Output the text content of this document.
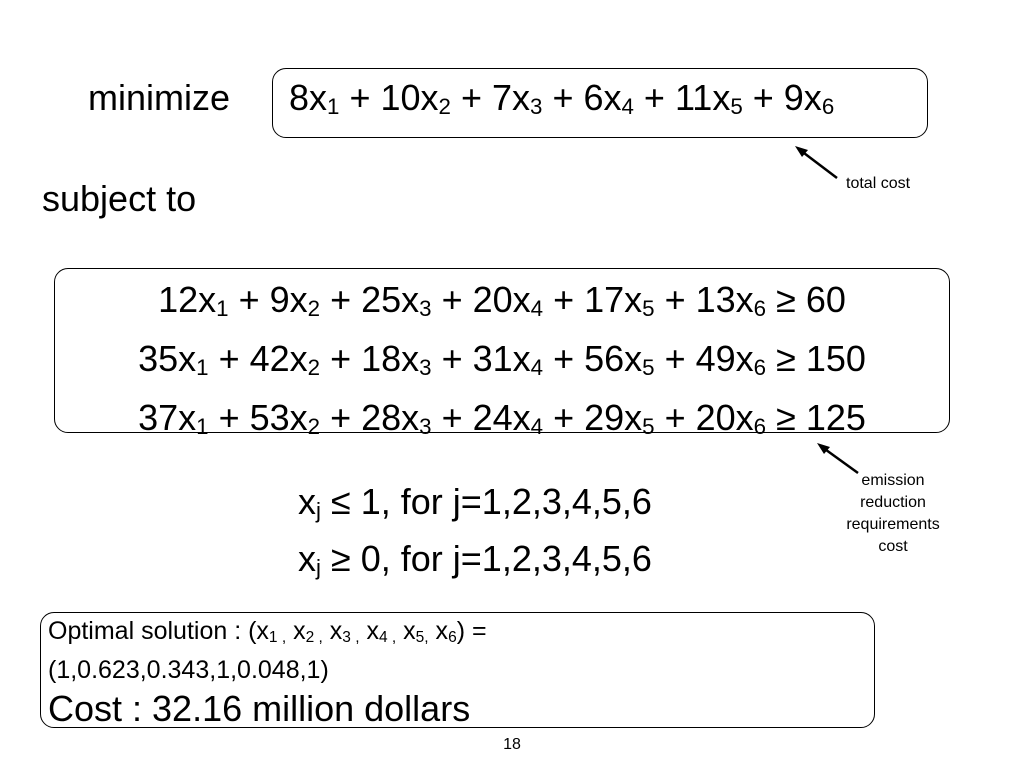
minimize 8x1 + 10x2 + 7x3 + 6x4 + 11x5 + 9x6
total cost
subject to
12x1 + 9x2 + 25x3 + 20x4 + 17x5 + 13x6 ≥ 60
35x1 + 42x2 + 18x3 + 31x4 + 56x5 + 49x6 ≥ 150
37x1 + 53x2 + 28x3 + 24x4 + 29x5 + 20x6 ≥ 125
emission
reduction
requirements
cost
xj ≤ 1, for j=1,2,3,4,5,6
xj ≥ 0, for j=1,2,3,4,5,6
Optimal solution : (x1 , x2 , x3 , x4 , x5, x6) =
(1,0.623,0.343,1,0.048,1)
Cost : 32.16 million dollars
18
